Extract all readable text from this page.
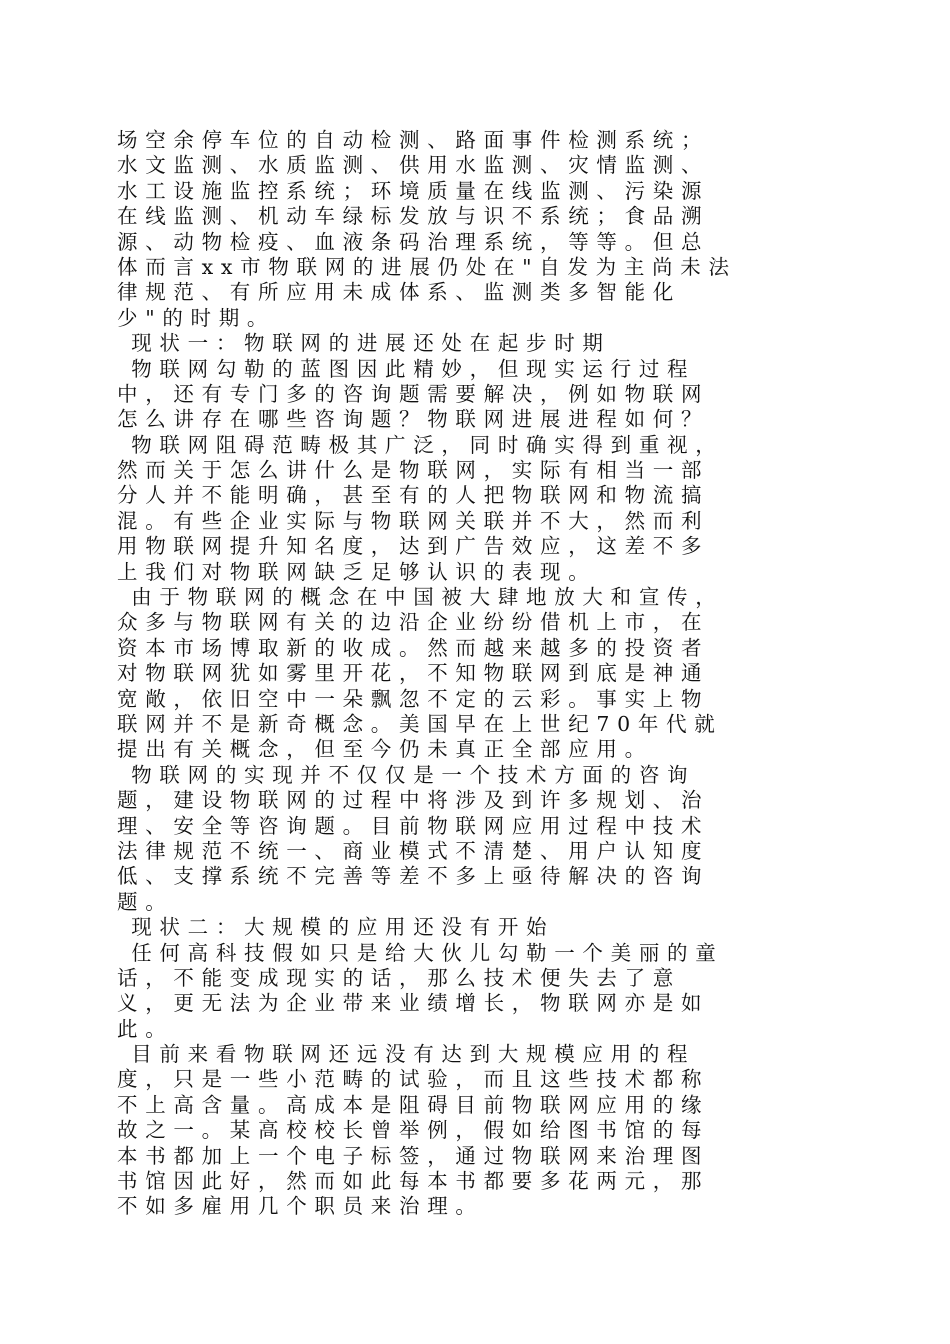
场空余停车位的自动检测、路面事件检测系统；
水文监测、水质监测、供用水监测、灾情监测、
水工设施监控系统；环境质量在线监测、污染源
在线监测、机动车绿标发放与识不系统；食品溯
源、动物检疫、血液条码治理系统，等等。但总
体而言xx市物联网的进展仍处在"自发为主尚未法
律规范、有所应用未成体系、监测类多智能化
少"的时期。
现状一：物联网的进展还处在起步时期
物联网勾勒的蓝图因此精妙，但现实运行过程
中，还有专门多的咨询题需要解决，例如物联网
怎么讲存在哪些咨询题？物联网进展进程如何？
物联网阻碍范畴极其广泛，同时确实得到重视，
然而关于怎么讲什么是物联网，实际有相当一部
分人并不能明确，甚至有的人把物联网和物流搞
混。有些企业实际与物联网关联并不大，然而利
用物联网提升知名度，达到广告效应，这差不多
上我们对物联网缺乏足够认识的表现。
由于物联网的概念在中国被大肆地放大和宣传，
众多与物联网有关的边沿企业纷纷借机上市，在
资本市场博取新的收成。然而越来越多的投资者
对物联网犹如雾里开花，不知物联网到底是神通
宽敞，依旧空中一朵飘忽不定的云彩。事实上物
联网并不是新奇概念。美国早在上世纪70年代就
提出有关概念，但至今仍未真正全部应用。
物联网的实现并不仅仅是一个技术方面的咨询
题，建设物联网的过程中将涉及到许多规划、治
理、安全等咨询题。目前物联网应用过程中技术
法律规范不统一、商业模式不清楚、用户认知度
低、支撑系统不完善等差不多上亟待解决的咨询
题。
现状二：大规模的应用还没有开始
任何高科技假如只是给大伙儿勾勒一个美丽的童
话，不能变成现实的话，那么技术便失去了意
义，更无法为企业带来业绩增长，物联网亦是如
此。
目前来看物联网还远没有达到大规模应用的程
度，只是一些小范畴的试验，而且这些技术都称
不上高含量。高成本是阻碍目前物联网应用的缘
故之一。某高校校长曾举例，假如给图书馆的每
本书都加上一个电子标签，通过物联网来治理图
书馆因此好，然而如此每本书都要多花两元，那
不如多雇用几个职员来治理。
